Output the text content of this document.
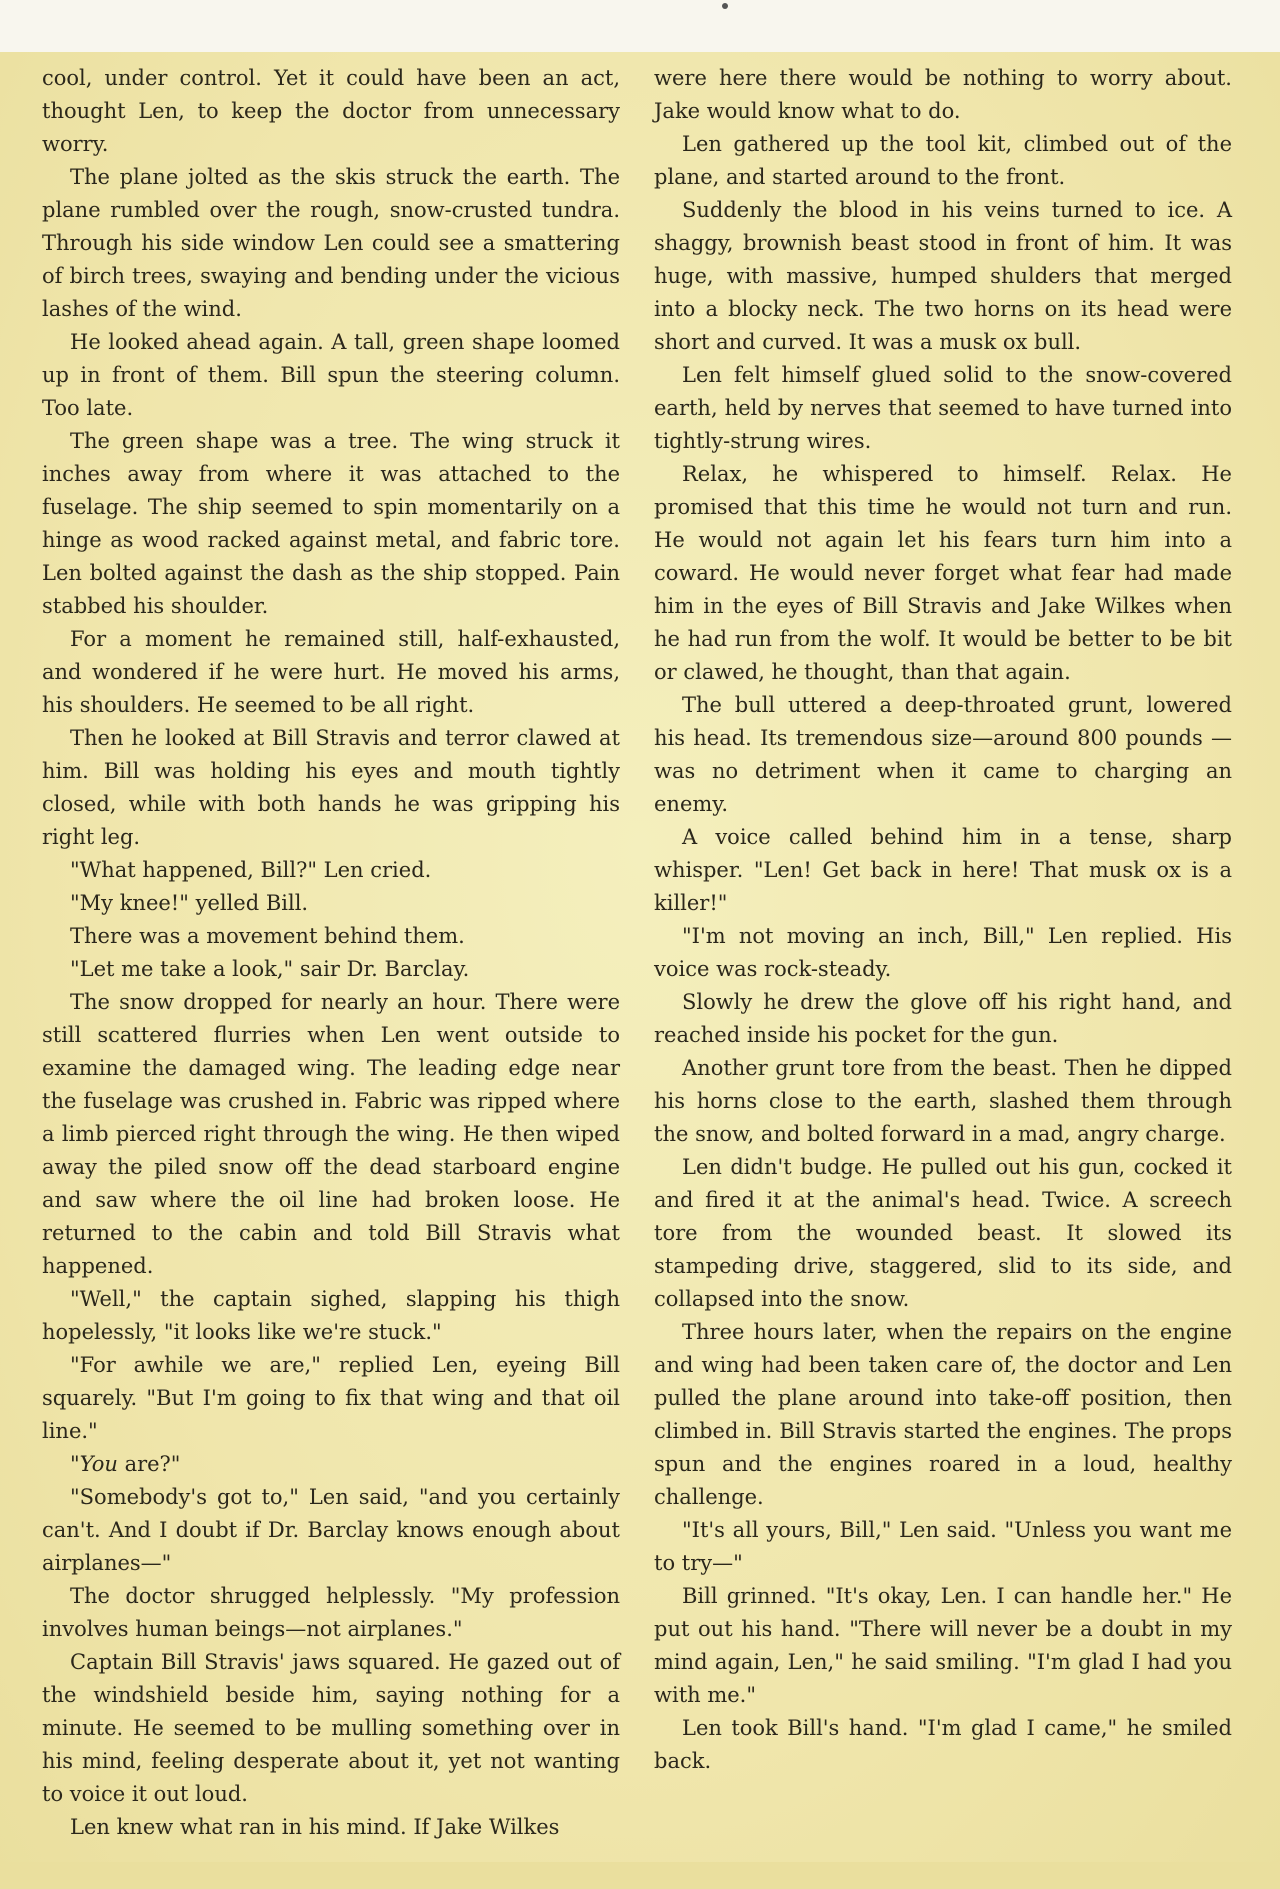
cool, under control. Yet it could have been an act, thought Len, to keep the doctor from unnecessary worry.

The plane jolted as the skis struck the earth. The plane rumbled over the rough, snow-crusted tundra. Through his side window Len could see a smattering of birch trees, swaying and bending under the vicious lashes of the wind.

He looked ahead again. A tall, green shape loomed up in front of them. Bill spun the steering column. Too late.

The green shape was a tree. The wing struck it inches away from where it was attached to the fuselage. The ship seemed to spin momentarily on a hinge as wood racked against metal, and fabric tore. Len bolted against the dash as the ship stopped. Pain stabbed his shoulder.

For a moment he remained still, half-exhausted, and wondered if he were hurt. He moved his arms, his shoulders. He seemed to be all right.

Then he looked at Bill Stravis and terror clawed at him. Bill was holding his eyes and mouth tightly closed, while with both hands he was gripping his right leg.

"What happened, Bill?" Len cried.

"My knee!" yelled Bill.

There was a movement behind them.

"Let me take a look," sair Dr. Barclay.

The snow dropped for nearly an hour. There were still scattered flurries when Len went outside to examine the damaged wing. The leading edge near the fuselage was crushed in. Fabric was ripped where a limb pierced right through the wing. He then wiped away the piled snow off the dead starboard engine and saw where the oil line had broken loose. He returned to the cabin and told Bill Stravis what happened.

"Well," the captain sighed, slapping his thigh hopelessly, "it looks like we're stuck."

"For awhile we are," replied Len, eyeing Bill squarely. "But I'm going to fix that wing and that oil line."

"You are?"

"Somebody's got to," Len said, "and you certainly can't. And I doubt if Dr. Barclay knows enough about airplanes—"

The doctor shrugged helplessly. "My profession involves human beings—not airplanes."

Captain Bill Stravis' jaws squared. He gazed out of the windshield beside him, saying nothing for a minute. He seemed to be mulling something over in his mind, feeling desperate about it, yet not wanting to voice it out loud.

Len knew what ran in his mind. If Jake Wilkes

were here there would be nothing to worry about. Jake would know what to do.

Len gathered up the tool kit, climbed out of the plane, and started around to the front.

Suddenly the blood in his veins turned to ice. A shaggy, brownish beast stood in front of him. It was huge, with massive, humped shulders that merged into a blocky neck. The two horns on its head were short and curved. It was a musk ox bull.

Len felt himself glued solid to the snow-covered earth, held by nerves that seemed to have turned into tightly-strung wires.

Relax, he whispered to himself. Relax. He promised that this time he would not turn and run. He would not again let his fears turn him into a coward. He would never forget what fear had made him in the eyes of Bill Stravis and Jake Wilkes when he had run from the wolf. It would be better to be bit or clawed, he thought, than that again.

The bull uttered a deep-throated grunt, lowered his head. Its tremendous size—around 800 pounds —was no detriment when it came to charging an enemy.

A voice called behind him in a tense, sharp whisper. "Len! Get back in here! That musk ox is a killer!"

"I'm not moving an inch, Bill," Len replied. His voice was rock-steady.

Slowly he drew the glove off his right hand, and reached inside his pocket for the gun.

Another grunt tore from the beast. Then he dipped his horns close to the earth, slashed them through the snow, and bolted forward in a mad, angry charge.

Len didn't budge. He pulled out his gun, cocked it and fired it at the animal's head. Twice. A screech tore from the wounded beast. It slowed its stampeding drive, staggered, slid to its side, and collapsed into the snow.

Three hours later, when the repairs on the engine and wing had been taken care of, the doctor and Len pulled the plane around into take-off position, then climbed in. Bill Stravis started the engines. The props spun and the engines roared in a loud, healthy challenge.

"It's all yours, Bill," Len said. "Unless you want me to try—"

Bill grinned. "It's okay, Len. I can handle her." He put out his hand. "There will never be a doubt in my mind again, Len," he said smiling. "I'm glad I had you with me."

Len took Bill's hand. "I'm glad I came," he smiled back.
